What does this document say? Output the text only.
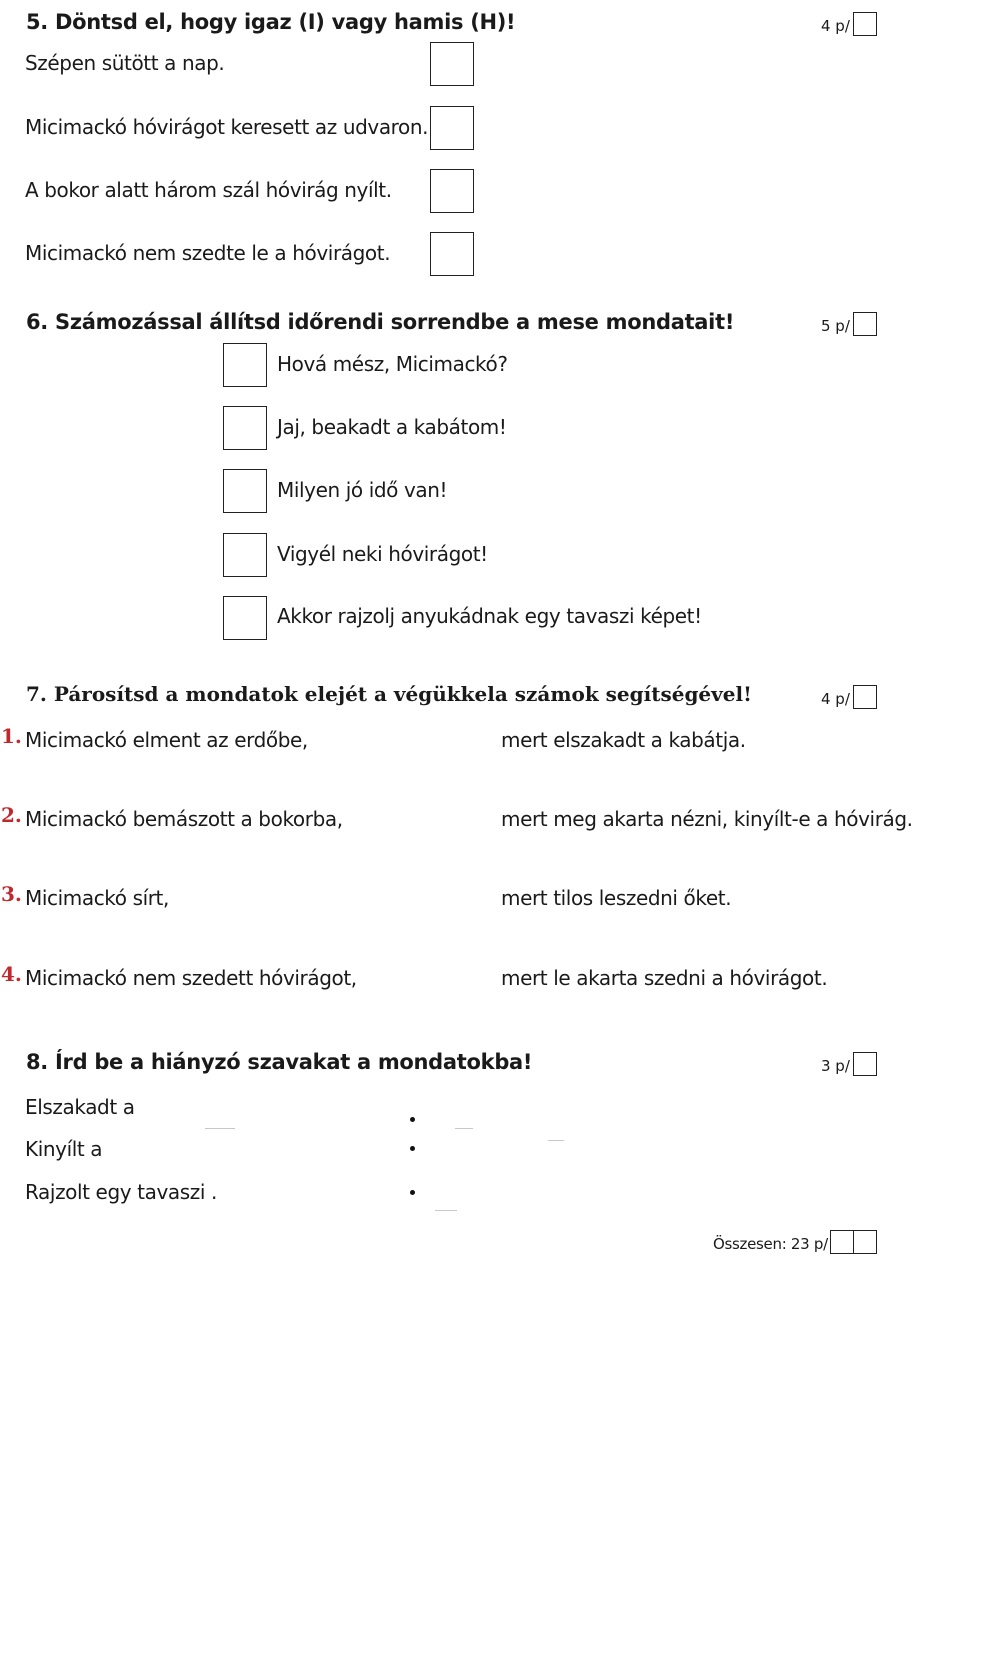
5. Döntsd el, hogy igaz (I) vagy hamis (H)!	4 p/
Szépen sütött a nap.
Micimackó hóvirágot keresett az udvaron.
A bokor alatt három szál hóvirág nyílt.
Micimackó nem szedte le a hóvirágot.
6. Számozással állítsd időrendi sorrendbe a mese mondatait!	5 p/
Hová mész, Micimackó?
Jaj, beakadt a kabátom!
Milyen jó idő van!
Vigyél neki hóvirágot!
Akkor rajzolj anyukádnak egy tavaszi képet!
7. Párosítsd a mondatok elejét a végükkela számok segítségével!	4 p/
1. Micimackó elment az erdőbe,	mert elszakadt a kabátja.
2. Micimackó bemászott a bokorba,	mert meg akarta nézni, kinyílt-e a hóvirág.
3. Micimackó sírt,	mert tilos leszedni őket.
4. Micimackó nem szedett hóvirágot,	mert le akarta szedni a hóvirágot.
8. Írd be a hiányzó szavakat a mondatokba!	3 p/
Elszakadt a
Kinyílt a
Rajzolt egy tavaszi .
Összesen: 23 p/
